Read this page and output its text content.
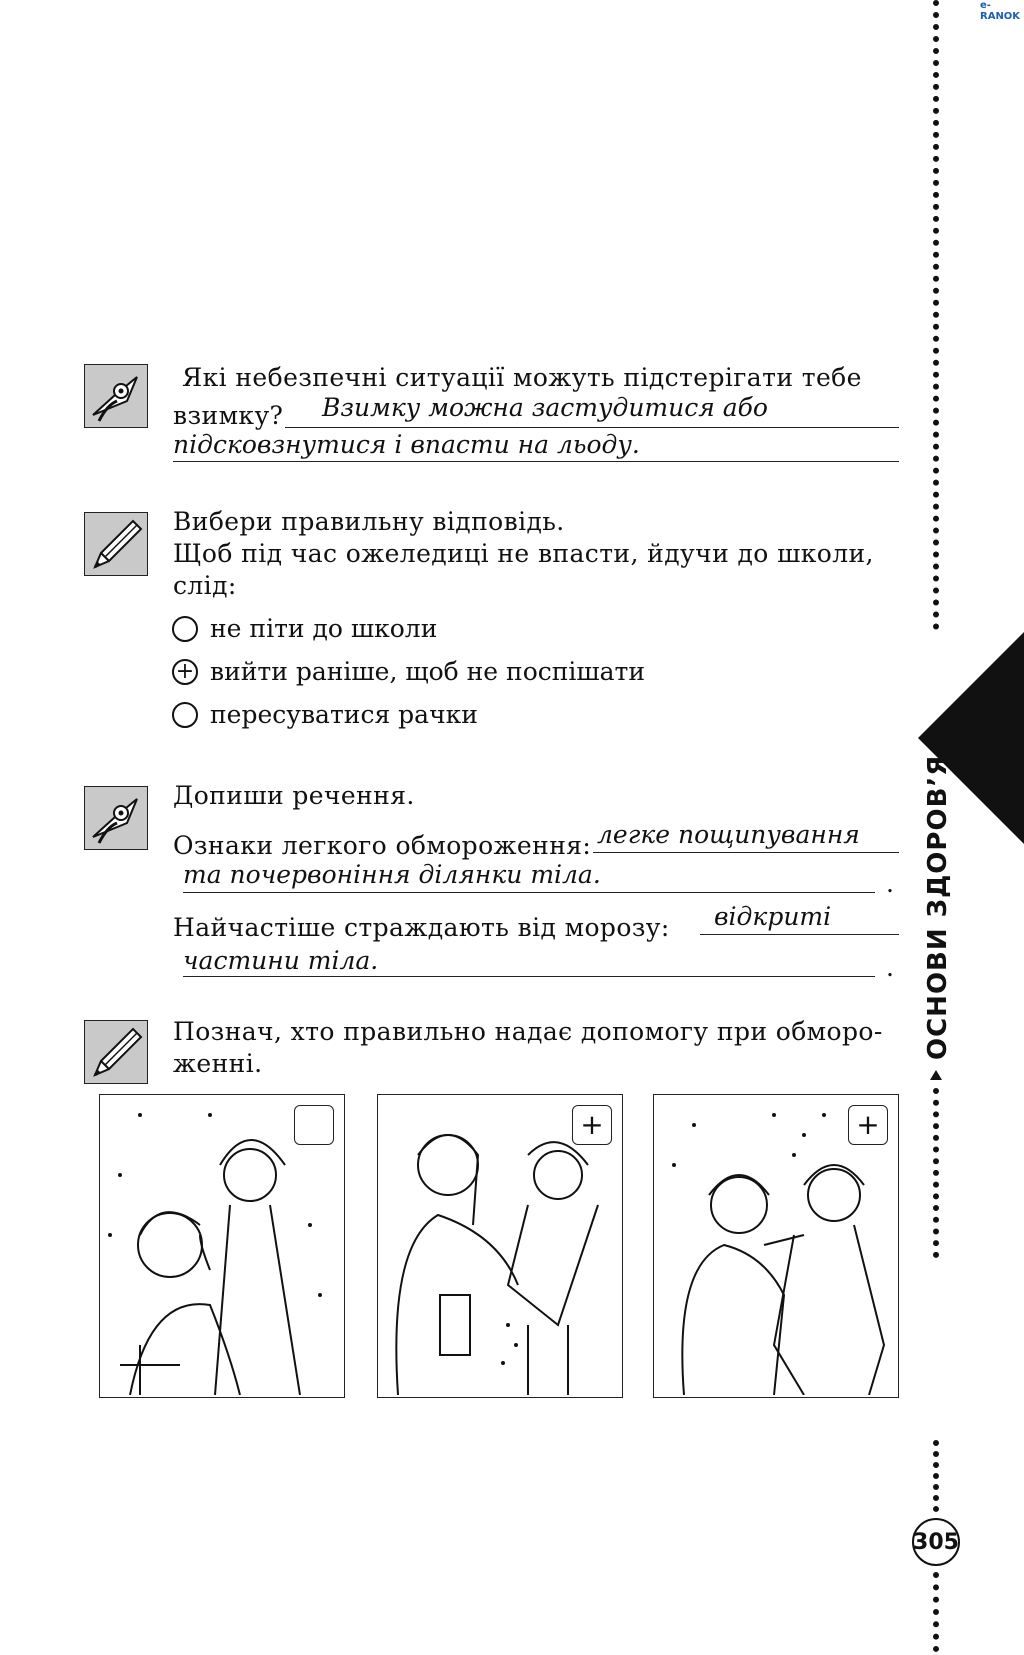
e-RANOK
ОСНОВИ ЗДОРОВ’Я
305
Які небезпечні ситуації можуть підстерігати тебе
взимку? Взимку можна застудитися або
підсковзнутися і впасти на льоду.
Вибери правильну відповідь.
Щоб під час ожеледиці не впасти, йдучи до школи,
слід:
не піти до школи
+ вийти раніше, щоб не поспішати
пересуватися рачки
Допиши речення.
Ознаки легкого обмороження: легке пощипування
та почервоніння ділянки тіла.	.
Найчастіше страждають від морозу: відкриті
частини тіла.	.
Познач, хто правильно надає допомогу при обморо-
женні.
+	+
